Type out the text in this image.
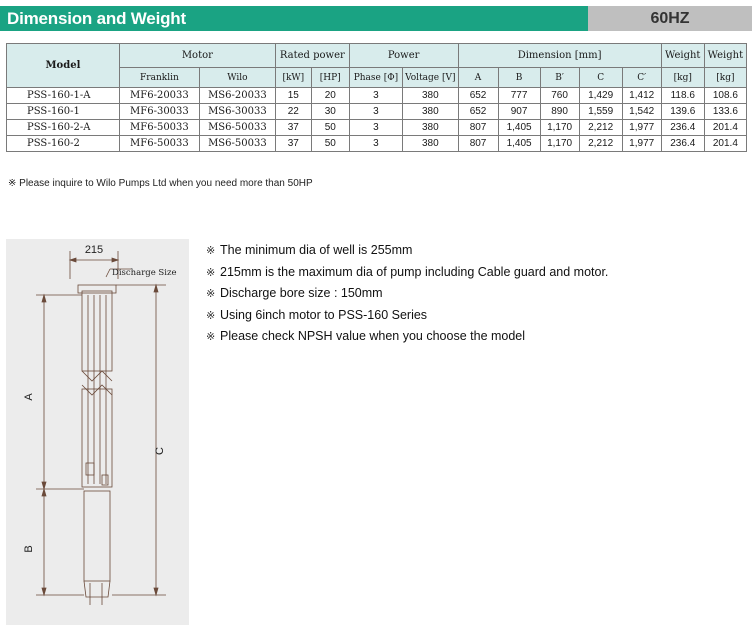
Dimension and Weight	60HZ
Model	Motor		Rated power		Power		Dimension [mm]					Weight	Weight
	Franklin	Wilo	[kW]	[HP]	Phase [Φ]	Voltage [V]	A	B	B′	C	C′	[kg]	[kg]
PSS-160-1-A	MF6-20033	MS6-20033	15	20	3	380	652	777	760	1,429	1,412	118.6	108.6
PSS-160-1	MF6-30033	MS6-30033	22	30	3	380	652	907	890	1,559	1,542	139.6	133.6
PSS-160-2-A	MF6-50033	MS6-50033	37	50	3	380	807	1,405	1,170	2,212	1,977	236.4	201.4
PSS-160-2	MF6-50033	MS6-50033	37	50	3	380	807	1,405	1,170	2,212	1,977	236.4	201.4
※ Please inquire to Wilo Pumps Ltd when you need more than 50HP
215
Discharge Size
A
B
C
※ The minimum dia of well is 255mm
※ 215mm is the maximum dia of pump including Cable guard and motor.
※ Discharge bore size : 150mm
※ Using 6inch motor to PSS-160 Series
※ Please check NPSH value when you choose the model
